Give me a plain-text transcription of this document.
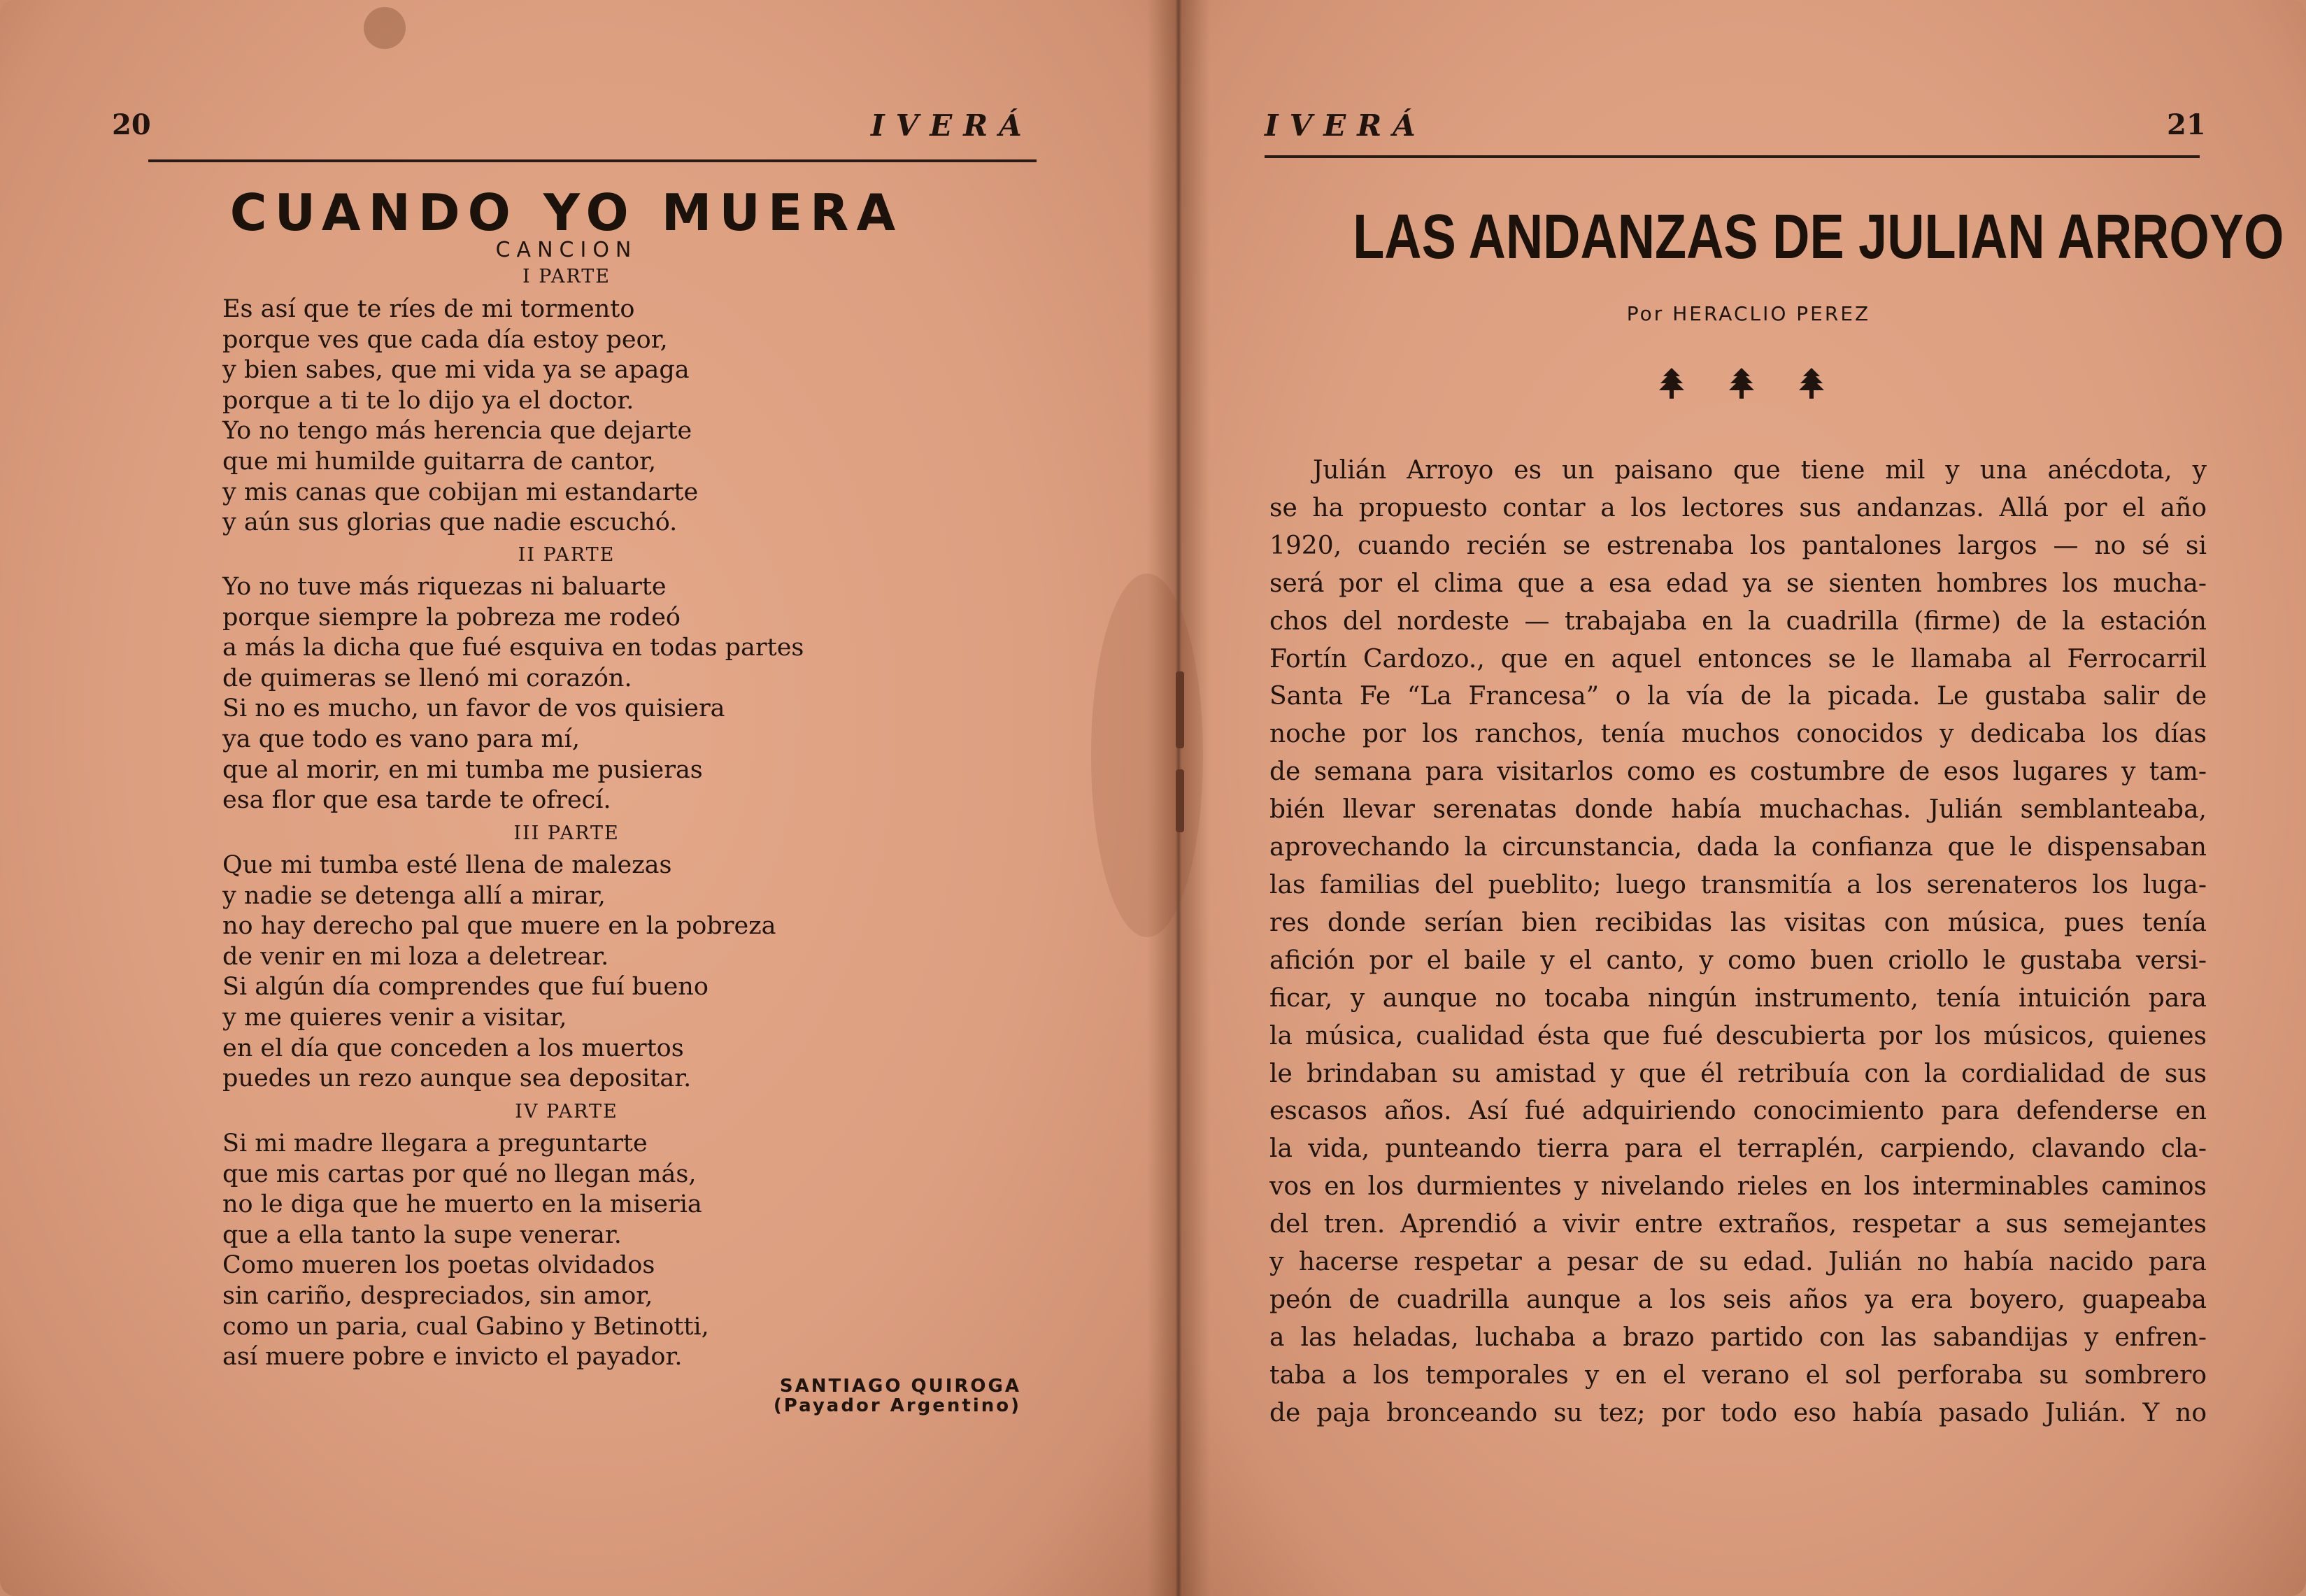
20	IVERÁ
CUANDO YO MUERA
CANCION
I PARTE
Es así que te ríes de mi tormento
porque ves que cada día estoy peor,
y bien sabes, que mi vida ya se apaga
porque a ti te lo dijo ya el doctor.
Yo no tengo más herencia que dejarte
que mi humilde guitarra de cantor,
y mis canas que cobijan mi estandarte
y aún sus glorias que nadie escuchó.
II PARTE
Yo no tuve más riquezas ni baluarte
porque siempre la pobreza me rodeó
a más la dicha que fué esquiva en todas partes
de quimeras se llenó mi corazón.
Si no es mucho, un favor de vos quisiera
ya que todo es vano para mí,
que al morir, en mi tumba me pusieras
esa flor que esa tarde te ofrecí.
III PARTE
Que mi tumba esté llena de malezas
y nadie se detenga allí a mirar,
no hay derecho pal que muere en la pobreza
de venir en mi loza a deletrear.
Si algún día comprendes que fuí bueno
y me quieres venir a visitar,
en el día que conceden a los muertos
puedes un rezo aunque sea depositar.
IV PARTE
Si mi madre llegara a preguntarte
que mis cartas por qué no llegan más,
no le diga que he muerto en la miseria
que a ella tanto la supe venerar.
Como mueren los poetas olvidados
sin cariño, despreciados, sin amor,
como un paria, cual Gabino y Betinotti,
así muere pobre e invicto el payador.
SANTIAGO QUIROGA
(Payador Argentino)
IVERÁ	21
LAS ANDANZAS DE JULIAN ARROYO
Por HERACLIO PEREZ
Julián Arroyo es un paisano que tiene mil y una anécdota, y
se ha propuesto contar a los lectores sus andanzas. Allá por el año
1920, cuando recién se estrenaba los pantalones largos — no sé si
será por el clima que a esa edad ya se sienten hombres los mucha-
chos del nordeste — trabajaba en la cuadrilla (firme) de la estación
Fortín Cardozo., que en aquel entonces se le llamaba al Ferrocarril
Santa Fe “La Francesa” o la vía de la picada. Le gustaba salir de
noche por los ranchos, tenía muchos conocidos y dedicaba los días
de semana para visitarlos como es costumbre de esos lugares y tam-
bién llevar serenatas donde había muchachas. Julián semblanteaba,
aprovechando la circunstancia, dada la confianza que le dispensaban
las familias del pueblito; luego transmitía a los serenateros los luga-
res donde serían bien recibidas las visitas con música, pues tenía
afición por el baile y el canto, y como buen criollo le gustaba versi-
ficar, y aunque no tocaba ningún instrumento, tenía intuición para
la música, cualidad ésta que fué descubierta por los músicos, quienes
le brindaban su amistad y que él retribuía con la cordialidad de sus
escasos años. Así fué adquiriendo conocimiento para defenderse en
la vida, punteando tierra para el terraplén, carpiendo, clavando cla-
vos en los durmientes y nivelando rieles en los interminables caminos
del tren. Aprendió a vivir entre extraños, respetar a sus semejantes
y hacerse respetar a pesar de su edad. Julián no había nacido para
peón de cuadrilla aunque a los seis años ya era boyero, guapeaba
a las heladas, luchaba a brazo partido con las sabandijas y enfren-
taba a los temporales y en el verano el sol perforaba su sombrero
de paja bronceando su tez; por todo eso había pasado Julián. Y no
